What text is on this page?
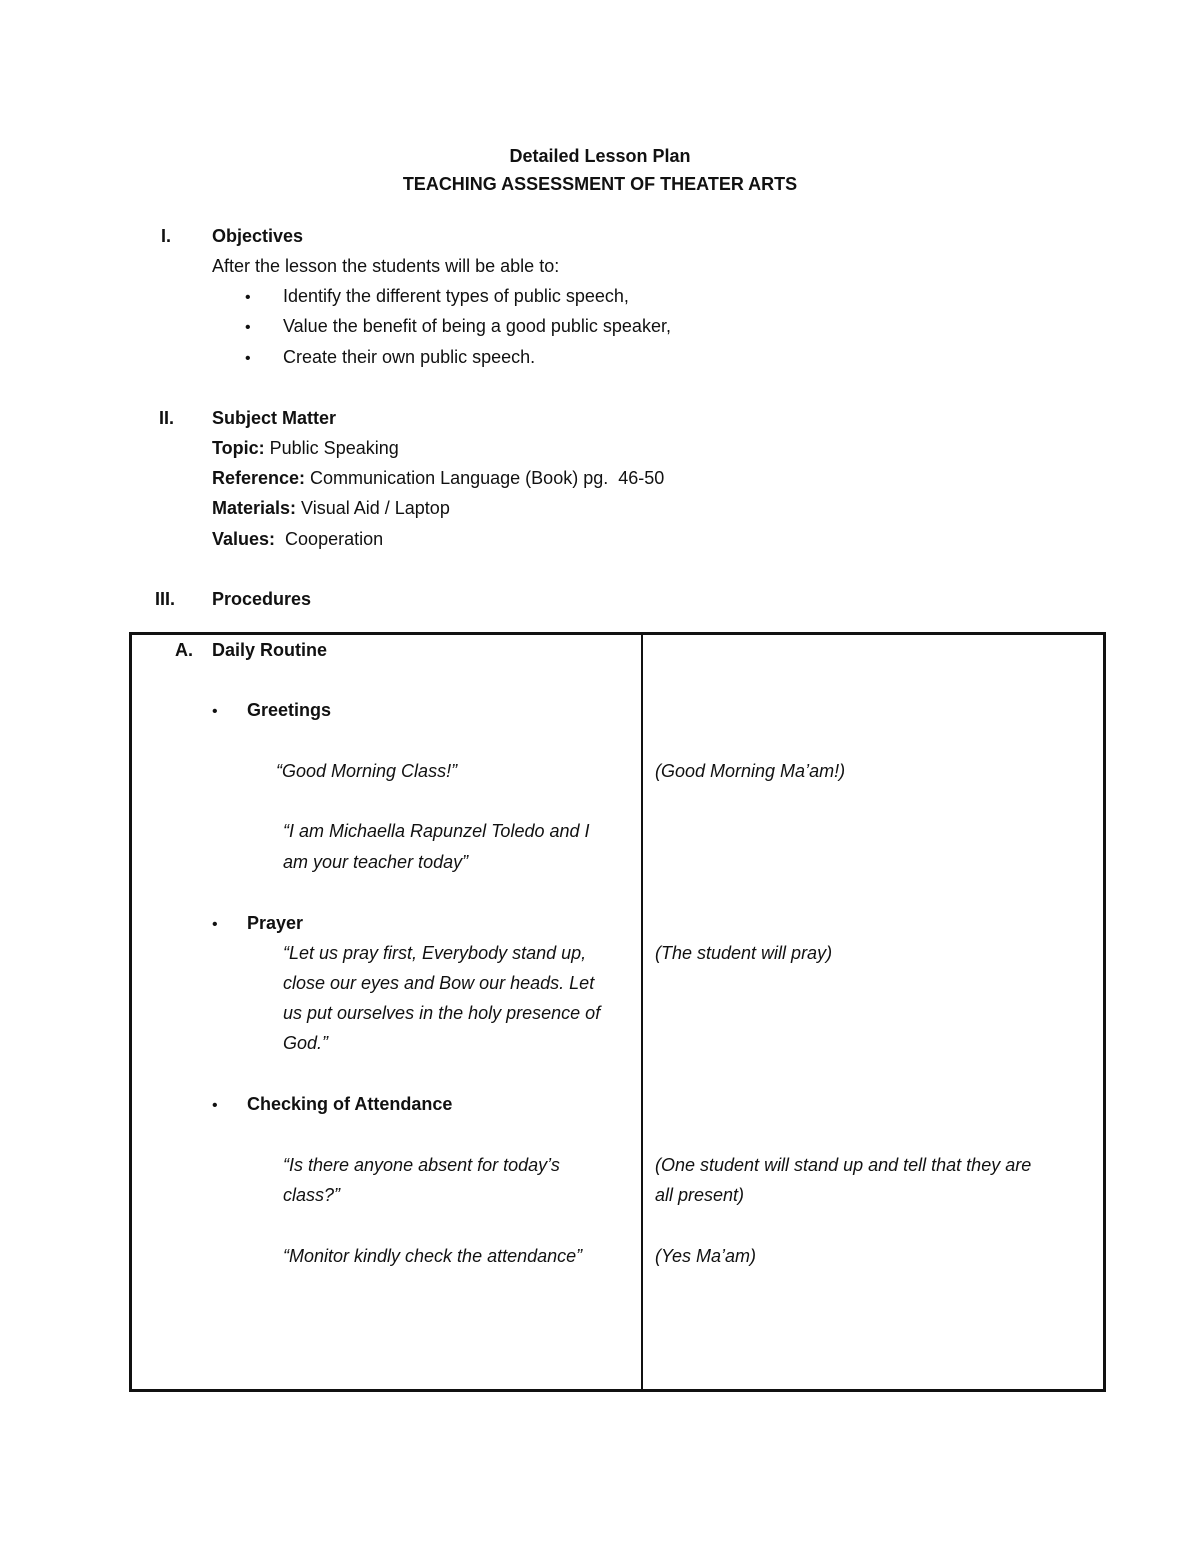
Detailed Lesson Plan
TEACHING ASSESSMENT OF THEATER ARTS
I. Objectives
After the lesson the students will be able to:
• Identify the different types of public speech,
• Value the benefit of being a good public speaker,
• Create their own public speech.
II. Subject Matter
Topic: Public Speaking
Reference: Communication Language (Book) pg.  46-50
Materials: Visual Aid / Laptop
Values:  Cooperation
III. Procedures
A. Daily Routine
• Greetings
“Good Morning Class!”
“I am Michaella Rapunzel Toledo and I
am your teacher today”
• Prayer
“Let us pray first, Everybody stand up,
close our eyes and Bow our heads. Let
us put ourselves in the holy presence of
God.”
• Checking of Attendance
“Is there anyone absent for today’s
class?”
“Monitor kindly check the attendance”
(Good Morning Ma’am!)
(The student will pray)
(One student will stand up and tell that they are
all present)
(Yes Ma’am)
